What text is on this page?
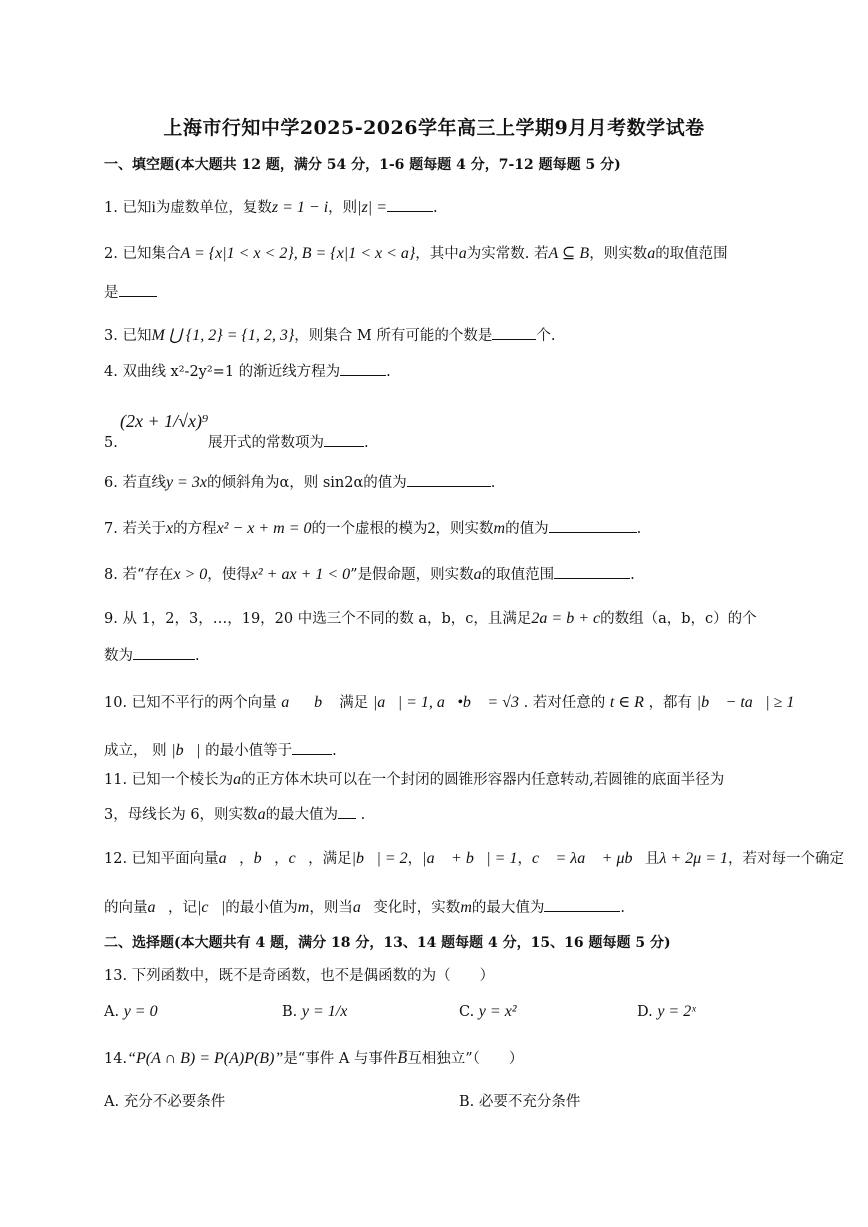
上海市行知中学2025-2026学年高三上学期9月月考数学试卷
一、填空题(本大题共 12 题，满分 54 分，1-6 题每题 4 分，7-12 题每题 5 分)
1. 已知i为虚数单位，复数z = 1 − i，则|z| =	.
2. 已知集合A = {x|1 < x < 2}, B = {x|1 < x < a}，其中a为实常数. 若A ⊆ B，则实数a的取值范围
是
3. 已知M ⋃ {1, 2} = {1, 2, 3}，则集合 M 所有可能的个数是	个.
4. 双曲线 x²-2y²=1 的渐近线方程为	.
5.
(2x + 1/√x)⁹
展开式的常数项为	.
6. 若直线y = 3x的倾斜角为α，则 sin2α的值为	.
7. 若关于x的方程x² − x + m = 0的一个虚根的模为2，则实数m的值为	.
8. 若“存在x > 0，使得x² + ax + 1 < 0”是假命题，则实数a的取值范围	.
9. 从 1，2，3，…，19，20 中选三个不同的数 a，b，c，且满足2a = b + c的数组（a，b，c）的个
数为	.
10. 已知不平行的两个向量 a⃗，b⃗ 满足 |a⃗| = 1, a⃗•b⃗ = √3 . 若对任意的 t ∈ R ，都有 |b⃗ − ta⃗| ≥ 1
成立， 则 |b⃗| 的最小值等于	.
11. 已知一个棱长为a的正方体木块可以在一个封闭的圆锥形容器内任意转动,若圆锥的底面半径为
3，母线长为 6，则实数a的最大值为 .
12. 已知平面向量a⃗，b⃗，c⃗，满足|b⃗| = 2，|a⃗ + b⃗| = 1，c⃗ = λa⃗ + μb⃗且λ + 2μ = 1，若对每一个确定
的向量a⃗，记|c⃗|的最小值为m，则当a⃗变化时，实数m的最大值为	.
二、选择题(本大题共有 4 题，满分 18 分，13、14 题每题 4 分，15、16 题每题 5 分)
13. 下列函数中，既不是奇函数，也不是偶函数的为（　　）
A. y = 0	B. y = 1/x	C. y = x²	D. y = 2ˣ
14.“P(A ∩ B) = P(A)P(B)”是“事件 A 与事件B̅互相独立”（　　）
A. 充分不必要条件	B. 必要不充分条件
